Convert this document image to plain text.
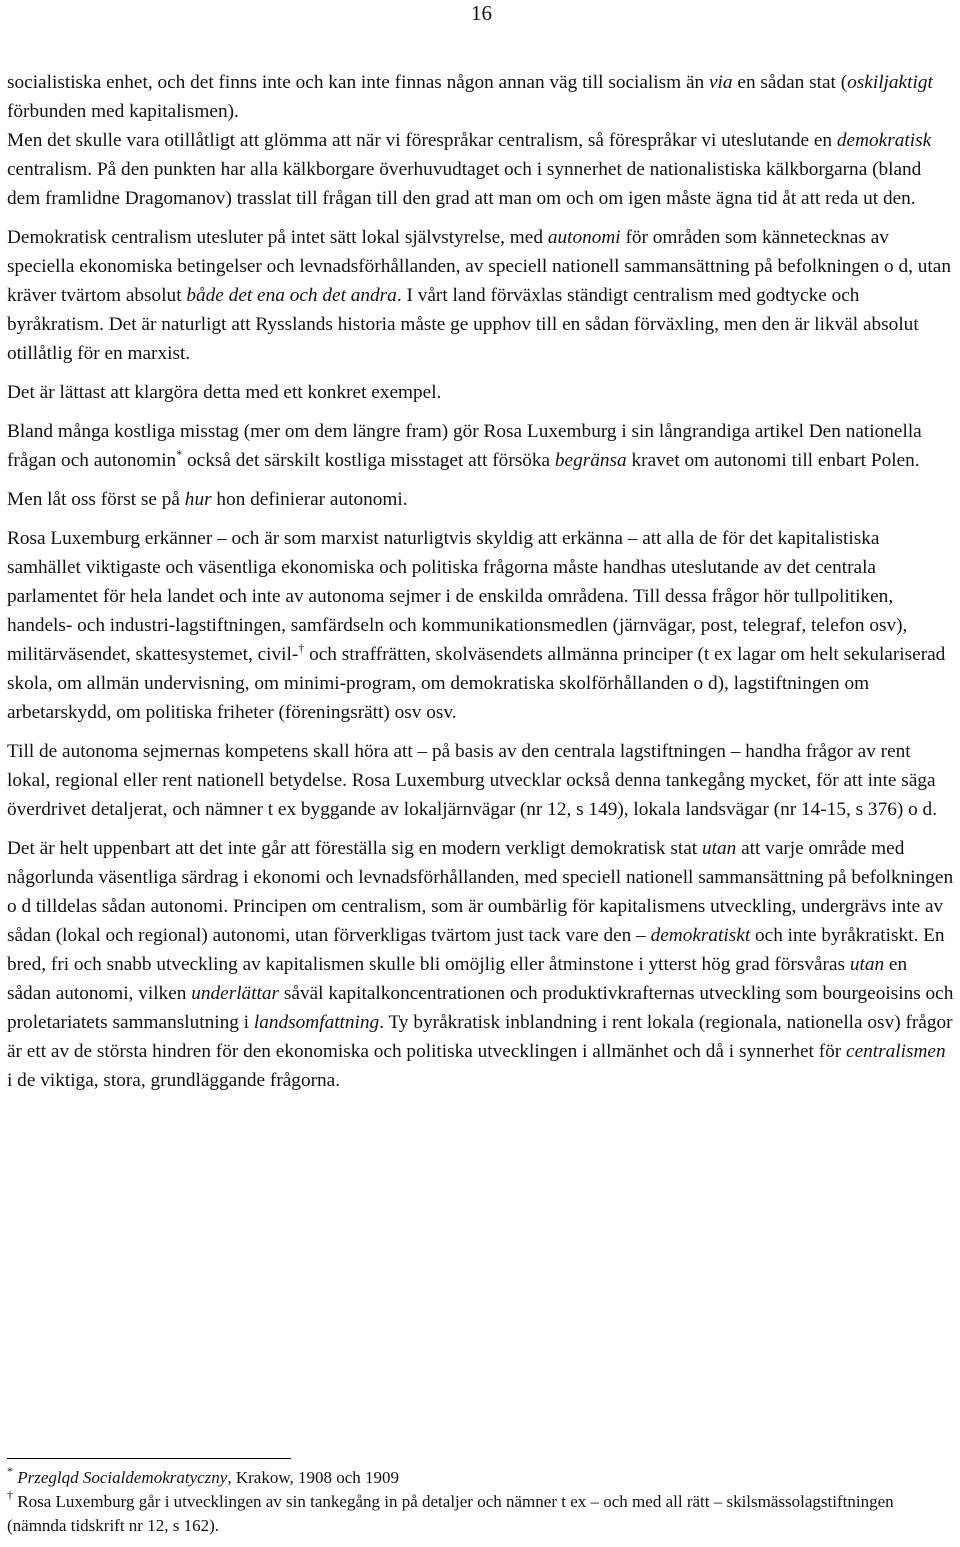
16

socialistiska enhet, och det finns inte och kan inte finnas någon annan väg till socialism än via en sådan stat (oskiljaktigt förbunden med kapitalismen).

Men det skulle vara otillåtligt att glömma att när vi förespråkar centralism, så förespråkar vi uteslutande en demokratisk centralism. På den punkten har alla kälkborgare överhuvudtaget och i synnerhet de nationalistiska kälkborgarna (bland dem framlidne Dragomanov) trasslat till frågan till den grad att man om och om igen måste ägna tid åt att reda ut den.

Demokratisk centralism utesluter på intet sätt lokal självstyrelse, med autonomi för områden som kännetecknas av speciella ekonomiska betingelser och levnadsförhållanden, av speciell nationell sammansättning på befolkningen o d, utan kräver tvärtom absolut både det ena och det andra. I vårt land förväxlas ständigt centralism med godtycke och byråkratism. Det är naturligt att Rysslands historia måste ge upphov till en sådan förväxling, men den är likväl absolut otillåtlig för en marxist.

Det är lättast att klargöra detta med ett konkret exempel.

Bland många kostliga misstag (mer om dem längre fram) gör Rosa Luxemburg i sin långrandiga artikel Den nationella frågan och autonomin* också det särskilt kostliga misstaget att försöka begränsa kravet om autonomi till enbart Polen.

Men låt oss först se på hur hon definierar autonomi.

Rosa Luxemburg erkänner – och är som marxist naturligtvis skyldig att erkänna – att alla de för det kapitalistiska samhället viktigaste och väsentliga ekonomiska och politiska frågorna måste handhas uteslutande av det centrala parlamentet för hela landet och inte av autonoma sejmer i de enskilda områdena. Till dessa frågor hör tullpolitiken, handels- och industri-lagstiftningen, samfärdseln och kommunikationsmedlen (järnvägar, post, telegraf, telefon osv), militärväsendet, skattesystemet, civil-† och straffrätten, skolväsendets allmänna principer (t ex lagar om helt sekulariserad skola, om allmän undervisning, om minimi-program, om demokratiska skolförhållanden o d), lagstiftningen om arbetarskydd, om politiska friheter (föreningsrätt) osv osv.

Till de autonoma sejmernas kompetens skall höra att – på basis av den centrala lagstiftningen – handha frågor av rent lokal, regional eller rent nationell betydelse. Rosa Luxemburg utvecklar också denna tankegång mycket, för att inte säga överdrivet detaljerat, och nämner t ex byggande av lokaljärnvägar (nr 12, s 149), lokala landsvägar (nr 14-15, s 376) o d.

Det är helt uppenbart att det inte går att föreställa sig en modern verkligt demokratisk stat utan att varje område med någorlunda väsentliga särdrag i ekonomi och levnadsförhållanden, med speciell nationell sammansättning på befolkningen o d tilldelas sådan autonomi. Principen om centralism, som är oumbärlig för kapitalismens utveckling, undergrävs inte av sådan (lokal och regional) autonomi, utan förverkligas tvärtom just tack vare den – demokratiskt och inte byråkratiskt. En bred, fri och snabb utveckling av kapitalismen skulle bli omöjlig eller åtminstone i ytterst hög grad försvåras utan en sådan autonomi, vilken underlättar såväl kapitalkoncentrationen och produktivkrafternas utveckling som bourgeoisins och proletariatets sammanslutning i landsomfattning. Ty byråkratisk inblandning i rent lokala (regionala, nationella osv) frågor är ett av de största hindren för den ekonomiska och politiska utvecklingen i allmänhet och då i synnerhet för centralismen i de viktiga, stora, grundläggande frågorna.

* Przeglqd Socialdemokratyczny, Krakow, 1908 och 1909
† Rosa Luxemburg går i utvecklingen av sin tankegång in på detaljer och nämner t ex – och med all rätt – skilsmässolagstiftningen (nämnda tidskrift nr 12, s 162).
